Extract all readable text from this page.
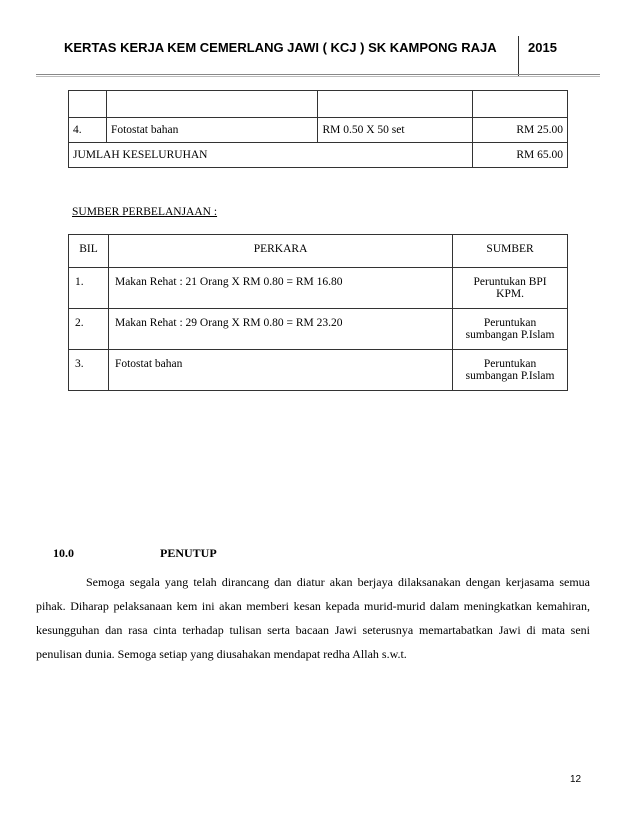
KERTAS KERJA KEM CEMERLANG JAWI ( KCJ ) SK KAMPONG RAJA 2015

4.	Fotostat bahan	RM 0.50 X 50 set	RM 25.00
JUMLAH KESELURUHAN			RM 65.00
SUMBER PERBELANJAAN :
BIL	PERKARA	SUMBER
1.	Makan Rehat : 21 Orang X RM 0.80 = RM 16.80	Peruntukan BPI KPM.
2.	Makan Rehat : 29 Orang X RM 0.80 = RM 23.20	Peruntukan sumbangan P.Islam
3.	Fotostat bahan	Peruntukan sumbangan P.Islam
10.0	PENUTUP
Semoga segala yang telah dirancang dan diatur akan berjaya dilaksanakan dengan kerjasama semua pihak. Diharap pelaksanaan kem ini akan memberi kesan kepada murid-murid dalam meningkatkan kemahiran, kesungguhan dan rasa cinta terhadap tulisan serta bacaan Jawi seterusnya memartabatkan Jawi di mata seni penulisan dunia. Semoga setiap yang diusahakan mendapat redha Allah s.w.t.
12
